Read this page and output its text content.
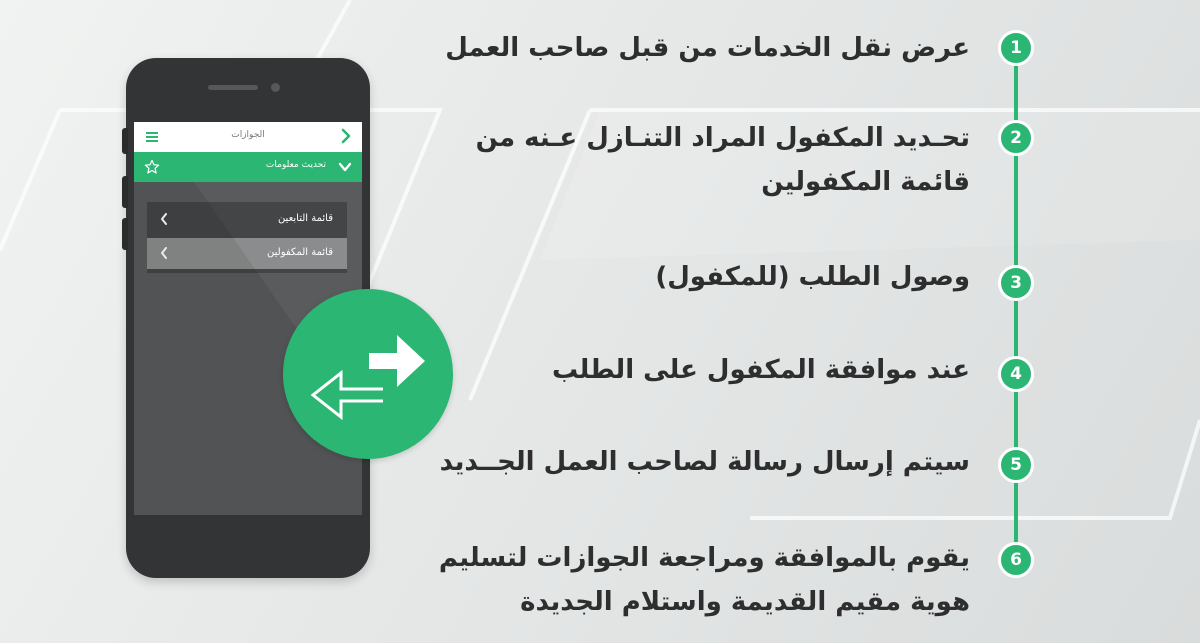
الجوازات
تحديث معلومات
قائمة التابعين
قائمة المكفولين
1
عرض نقل الخدمات من قبل صاحب العمل
2
تحـديد المكفول المراد التنـازل عـنه من
قائمة المكفولين
3
وصول الطلب (للمكفول)
4
عند موافقة المكفول على الطلب
5
سيتم إرسال رسالة لصاحب العمل الجــديد
6
يقوم بالموافقة ومراجعة الجوازات لتسليم
هوية مقيم القديمة واستلام الجديدة
